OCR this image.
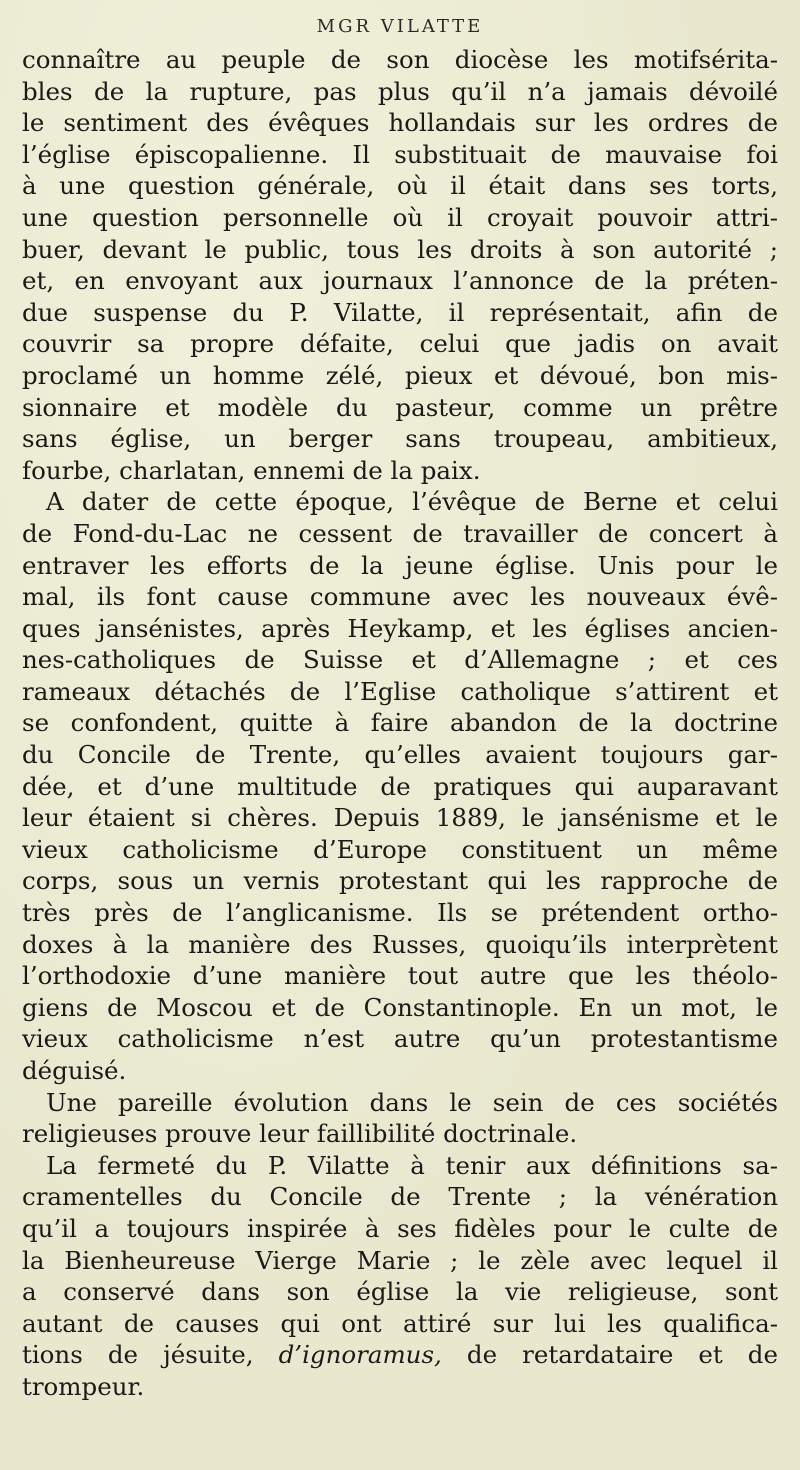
MGR VILATTE

connaître au peuple de son diocèse les motifsérita-
bles de la rupture, pas plus qu’il n’a jamais dévoilé
le sentiment des évêques hollandais sur les ordres de
l’église épiscopalienne. Il substituait de mauvaise foi
à une question générale, où il était dans ses torts,
une question personnelle où il croyait pouvoir attri-
buer, devant le public, tous les droits à son autorité ;
et, en envoyant aux journaux l’annonce de la préten-
due suspense du P. Vilatte, il représentait, afin de
couvrir sa propre défaite, celui que jadis on avait
proclamé un homme zélé, pieux et dévoué, bon mis-
sionnaire et modèle du pasteur, comme un prêtre
sans église, un berger sans troupeau, ambitieux,
fourbe, charlatan, ennemi de la paix.

A dater de cette époque, l’évêque de Berne et celui
de Fond-du-Lac ne cessent de travailler de concert à
entraver les efforts de la jeune église. Unis pour le
mal, ils font cause commune avec les nouveaux évê-
ques jansénistes, après Heykamp, et les églises ancien-
nes-catholiques de Suisse et d’Allemagne ; et ces
rameaux détachés de l’Eglise catholique s’attirent et
se confondent, quitte à faire abandon de la doctrine
du Concile de Trente, qu’elles avaient toujours gar-
dée, et d’une multitude de pratiques qui auparavant
leur étaient si chères. Depuis 1889, le jansénisme et le
vieux catholicisme d’Europe constituent un même
corps, sous un vernis protestant qui les rapproche de
très près de l’anglicanisme. Ils se prétendent ortho-
doxes à la manière des Russes, quoiqu’ils interprètent
l’orthodoxie d’une manière tout autre que les théolo-
giens de Moscou et de Constantinople. En un mot, le
vieux catholicisme n’est autre qu’un protestantisme
déguisé.

Une pareille évolution dans le sein de ces sociétés
religieuses prouve leur faillibilité doctrinale.

La fermeté du P. Vilatte à tenir aux définitions sa-
cramentelles du Concile de Trente ; la vénération
qu’il a toujours inspirée à ses fidèles pour le culte de
la Bienheureuse Vierge Marie ; le zèle avec lequel il
a conservé dans son église la vie religieuse, sont
autant de causes qui ont attiré sur lui les qualifica-
tions de jésuite, d’ignoramus, de retardataire et de
trompeur.
